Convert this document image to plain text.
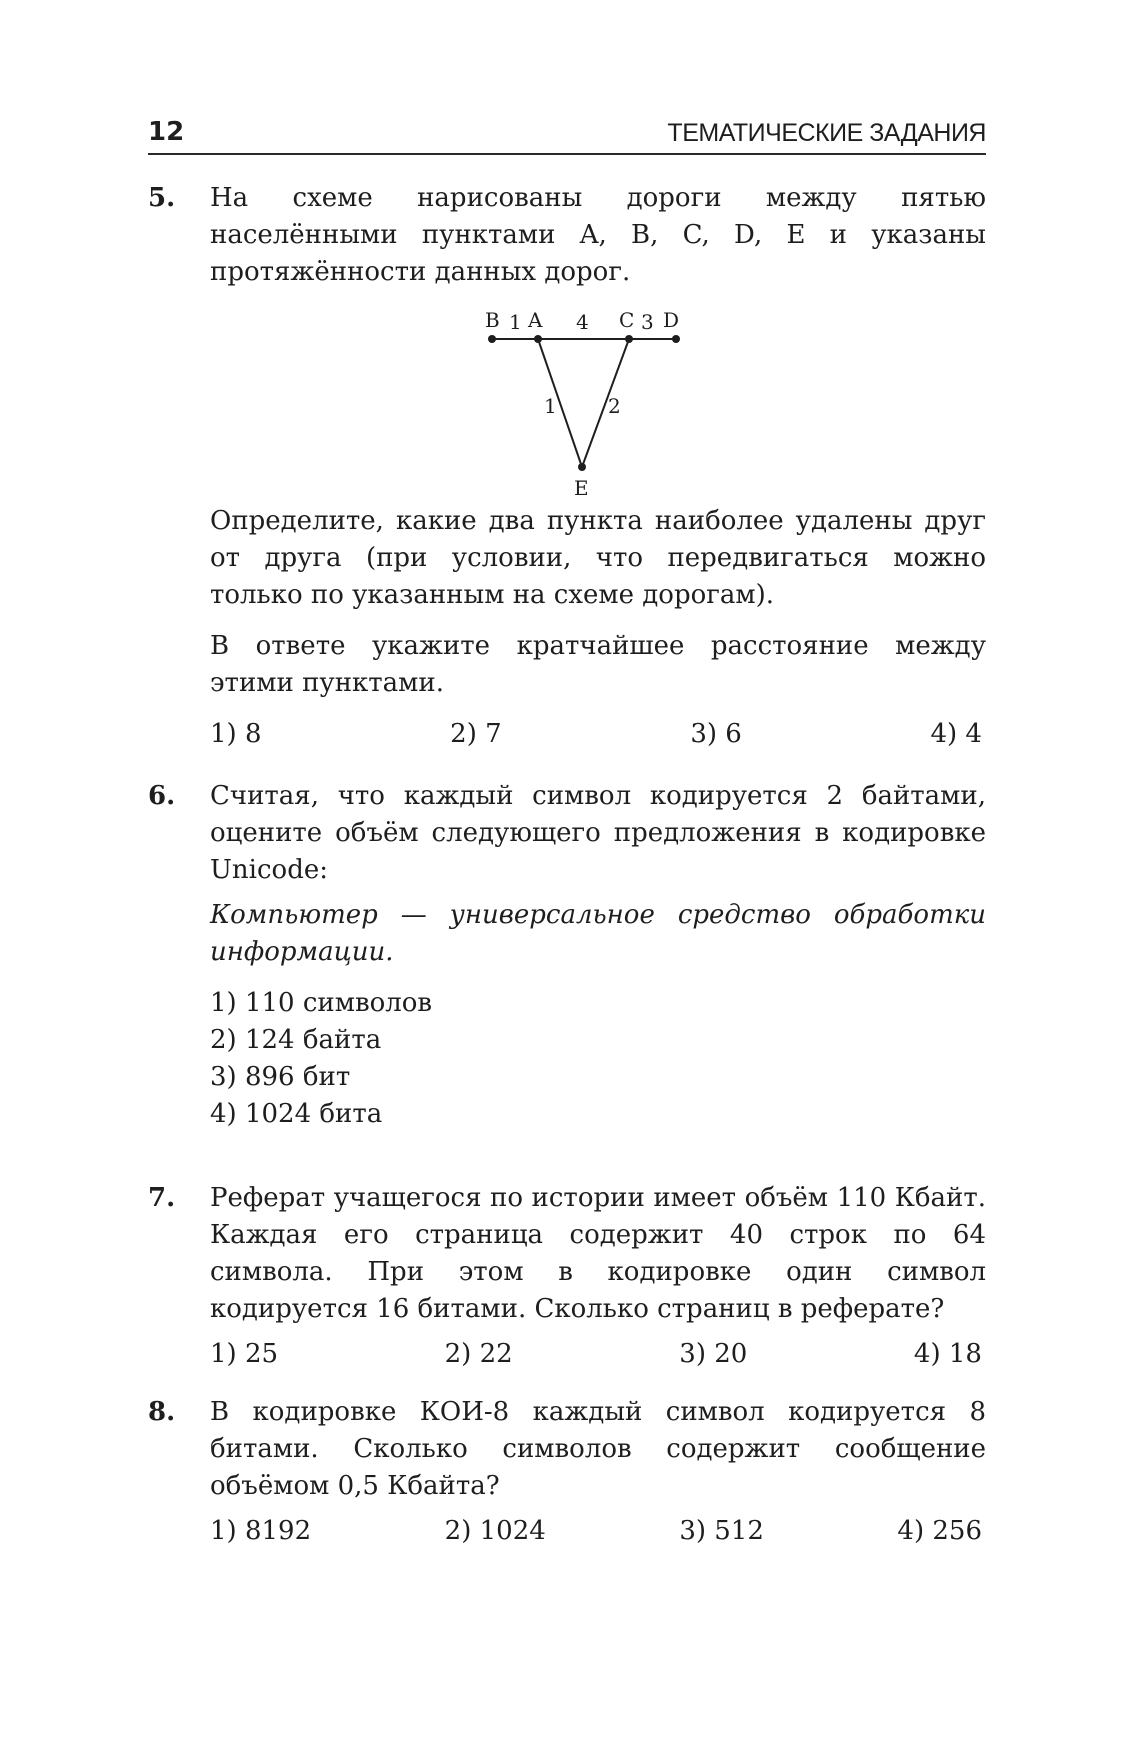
12	ТЕМАТИЧЕСКИЕ ЗАДАНИЯ
5. На схеме нарисованы дороги между пятью населёнными пунктами A, B, C, D, E и указаны протяжённости данных дорог.

B A	C D
E
1	4	3
1	2

Определите, какие два пункта наиболее удалены друг от друга (при условии, что передвигаться можно только по указанным на схеме дорогам).

В ответе укажите кратчайшее расстояние между этими пунктами.

1) 8	2) 7	3) 6	4) 4
6. Считая, что каждый символ кодируется 2 байтами, оцените объём следующего предложения в кодировке Unicode:

Компьютер — универсальное средство обработки информации.

1) 110 символов
2) 124 байта
3) 896 бит
4) 1024 бита
7. Реферат учащегося по истории имеет объём 110 Кбайт. Каждая его страница содержит 40 строк по 64 символа. При этом в кодировке один символ кодируется 16 битами. Сколько страниц в реферате?

1) 25	2) 22	3) 20	4) 18
8. В кодировке КОИ-8 каждый символ кодируется 8 битами. Сколько символов содержит сообщение объёмом 0,5 Кбайта?

1) 8192	2) 1024	3) 512	4) 256
